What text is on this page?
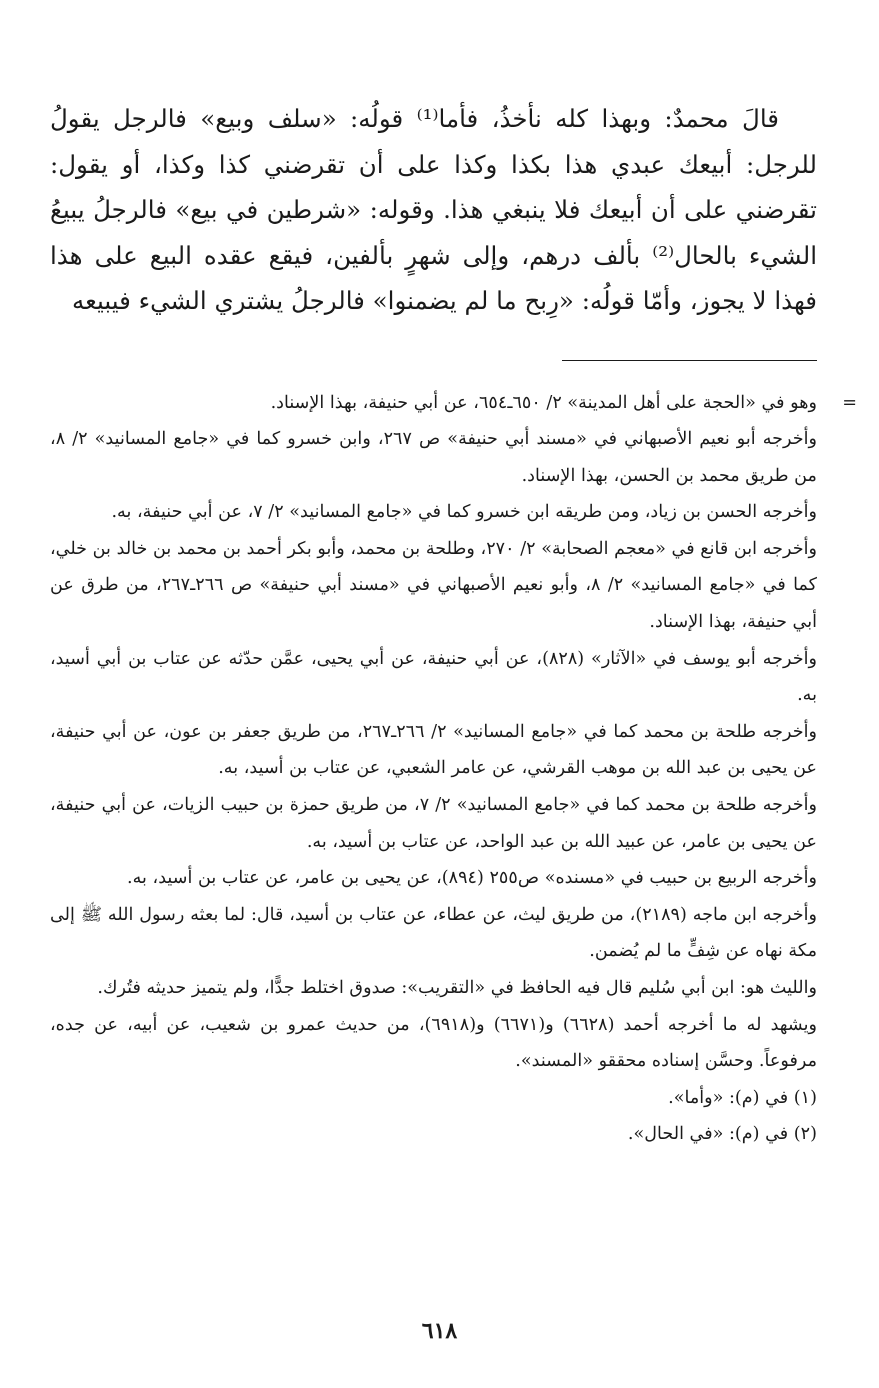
قالَ محمدٌ: وبهذا كله نأخذُ، فأما⁽¹⁾ قولُه: «سلف وبيع» فالرجل يقولُ للرجل: أبيعك عبدي هذا بكذا وكذا على أن تقرضني كذا وكذا، أو يقول: تقرضني على أن أبيعك فلا ينبغي هذا. وقوله: «شرطين في بيع» فالرجلُ يبيعُ الشيء بالحال⁽²⁾ بألف درهم، وإلى شهرٍ بألفين، فيقع عقده البيع على هذا فهذا لا يجوز، وأمّا قولُه: «رِبح ما لم يضمنوا» فالرجلُ يشتري الشيء فيبيعه

=

وهو في «الحجة على أهل المدينة» ٢/ ٦٥٠ـ٦٥٤، عن أبي حنيفة، بهذا الإسناد.

وأخرجه أبو نعيم الأصبهاني في «مسند أبي حنيفة» ص ٢٦٧، وابن خسرو كما في «جامع المسانيد» ٢/ ٨، من طريق محمد بن الحسن، بهذا الإسناد.

وأخرجه الحسن بن زياد، ومن طريقه ابن خسرو كما في «جامع المسانيد» ٢/ ٧، عن أبي حنيفة، به.

وأخرجه ابن قانع في «معجم الصحابة» ٢/ ٢٧٠، وطلحة بن محمد، وأبو بكر أحمد بن محمد بن خالد بن خلي، كما في «جامع المسانيد» ٢/ ٨، وأبو نعيم الأصبهاني في «مسند أبي حنيفة» ص ٢٦٦ـ٢٦٧، من طرق عن أبي حنيفة، بهذا الإسناد.

وأخرجه أبو يوسف في «الآثار» (٨٢٨)، عن أبي حنيفة، عن أبي يحيى، عمَّن حدّثه عن عتاب بن أبي أسيد، به.

وأخرجه طلحة بن محمد كما في «جامع المسانيد» ٢/ ٢٦٦ـ٢٦٧، من طريق جعفر بن عون، عن أبي حنيفة، عن يحيى بن عبد الله بن موهب القرشي، عن عامر الشعبي، عن عتاب بن أسيد، به.

وأخرجه طلحة بن محمد كما في «جامع المسانيد» ٢/ ٧، من طريق حمزة بن حبيب الزيات، عن أبي حنيفة، عن يحيى بن عامر، عن عبيد الله بن عبد الواحد، عن عتاب بن أسيد، به.

وأخرجه الربيع بن حبيب في «مسنده» ص٢٥٥ (٨٩٤)، عن يحيى بن عامر، عن عتاب بن أسيد، به.

وأخرجه ابن ماجه (٢١٨٩)، من طريق ليث، عن عطاء، عن عتاب بن أسيد، قال: لما بعثه رسول الله ﷺ إلى مكة نهاه عن شِفٍّ ما لم يُضمن.

والليث هو: ابن أبي سُليم قال فيه الحافظ في «التقريب»: صدوق اختلط جدًّا، ولم يتميز حديثه فتُرك.

ويشهد له ما أخرجه أحمد (٦٦٢٨) و(٦٦٧١) و(٦٩١٨)، من حديث عمرو بن شعيب، عن أبيه، عن جده، مرفوعاً. وحسَّن إسناده محققو «المسند».

(١) في (م): «وأما».

(٢) في (م): «في الحال».

٦١٨
